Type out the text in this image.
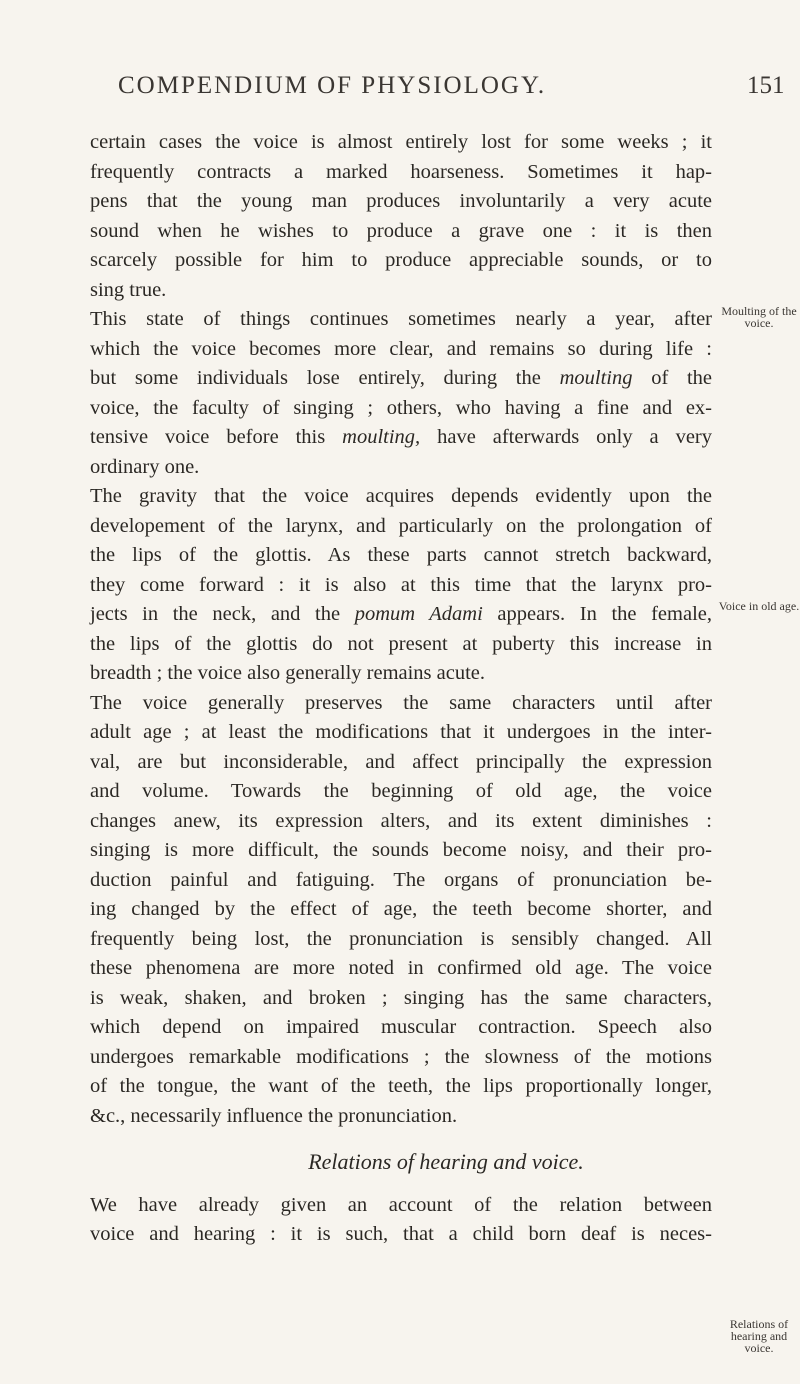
COMPENDIUM OF PHYSIOLOGY.	151
certain cases the voice is almost entirely lost for some weeks ; it
frequently contracts a marked hoarseness. Sometimes it hap-
pens that the young man produces involuntarily a very acute
sound when he wishes to produce a grave one : it is then
scarcely possible for him to produce appreciable sounds, or to
sing true.
This state of things continues sometimes nearly a year, after
which the voice becomes more clear, and remains so during life :
but some individuals lose entirely, during the moulting of the
voice, the faculty of singing ; others, who having a fine and ex-
tensive voice before this moulting, have afterwards only a very
ordinary one.
The gravity that the voice acquires depends evidently upon the
developement of the larynx, and particularly on the prolongation of
the lips of the glottis. As these parts cannot stretch backward,
they come forward : it is also at this time that the larynx pro-
jects in the neck, and the pomum Adami appears. In the female,
the lips of the glottis do not present at puberty this increase in
breadth ; the voice also generally remains acute.
The voice generally preserves the same characters until after
adult age ; at least the modifications that it undergoes in the inter-
val, are but inconsiderable, and affect principally the expression
and volume. Towards the beginning of old age, the voice
changes anew, its expression alters, and its extent diminishes :
singing is more difficult, the sounds become noisy, and their pro-
duction painful and fatiguing. The organs of pronunciation be-
ing changed by the effect of age, the teeth become shorter, and
frequently being lost, the pronunciation is sensibly changed. All
these phenomena are more noted in confirmed old age. The voice
is weak, shaken, and broken ; singing has the same characters,
which depend on impaired muscular contraction. Speech also
undergoes remarkable modifications ; the slowness of the motions
of the tongue, the want of the teeth, the lips proportionally longer,
&c., necessarily influence the pronunciation.
Relations of hearing and voice.
We have already given an account of the relation between
voice and hearing : it is such, that a child born deaf is neces-
Moulting of the voice.
Voice in old age.
Relations of hearing and voice.
